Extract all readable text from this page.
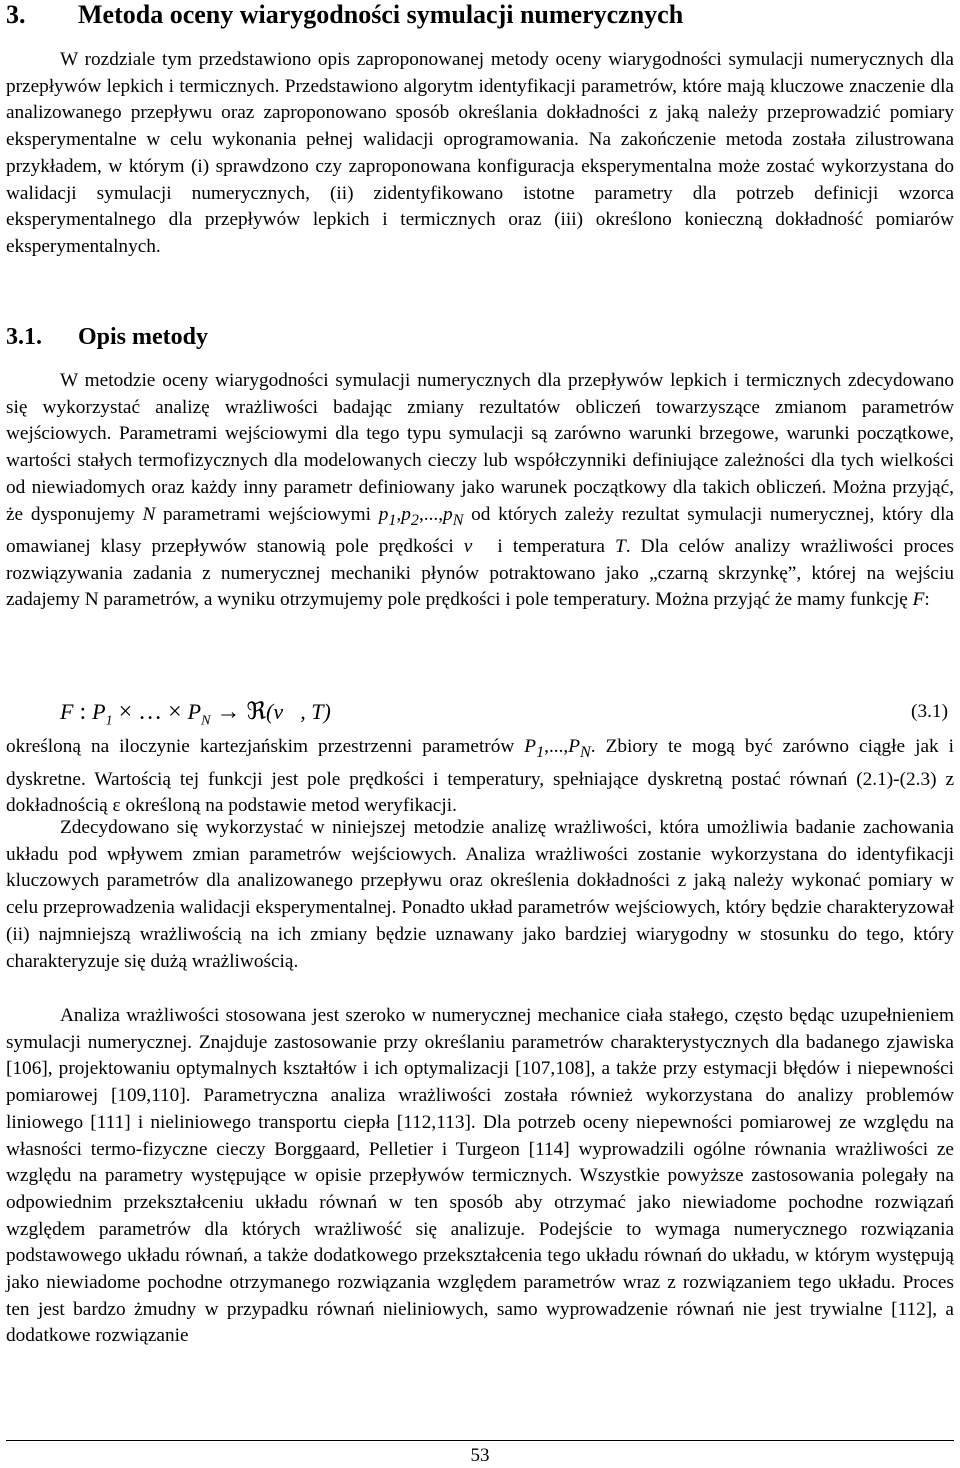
3. Metoda oceny wiarygodności symulacji numerycznych

W rozdziale tym przedstawiono opis zaproponowanej metody oceny wiarygodności symulacji numerycznych dla przepływów lepkich i termicznych. Przedstawiono algorytm identyfikacji parametrów, które mają kluczowe znaczenie dla analizowanego przepływu oraz zaproponowano sposób określania dokładności z jaką należy przeprowadzić pomiary eksperymentalne w celu wykonania pełnej walidacji oprogramowania. Na zakończenie metoda została zilustrowana przykładem, w którym (i) sprawdzono czy zaproponowana konfiguracja eksperymentalna może zostać wykorzystana do walidacji symulacji numerycznych, (ii) zidentyfikowano istotne parametry dla potrzeb definicji wzorca eksperymentalnego dla przepływów lepkich i termicznych oraz (iii) określono konieczną dokładność pomiarów eksperymentalnych.

3.1. Opis metody

W metodzie oceny wiarygodności symulacji numerycznych dla przepływów lepkich i termicznych zdecydowano się wykorzystać analizę wrażliwości badając zmiany rezultatów obliczeń towarzyszące zmianom parametrów wejściowych. Parametrami wejściowymi dla tego typu symulacji są zarówno warunki brzegowe, warunki początkowe, wartości stałych termofizycznych dla modelowanych cieczy lub współczynniki definiujące zależności dla tych wielkości od niewiadomych oraz każdy inny parametr definiowany jako warunek początkowy dla takich obliczeń. Można przyjąć, że dysponujemy N parametrami wejściowymi $p_1,p_2,...,p_N$ od których zależy rezultat symulacji numerycznej, który dla omawianej klasy przepływów stanowią pole prędkości v⃗ i temperatura T. Dla celów analizy wrażliwości proces rozwiązywania zadania z numerycznej mechaniki płynów potraktowano jako „czarną skrzynkę”, której na wejściu zadajemy N parametrów, a wyniku otrzymujemy pole prędkości i pole temperatury. Można przyjąć że mamy funkcję F:

F : $P_1$ × … × $P_N$ → ℜ(v⃗, T)	(3.1)

określoną na iloczynie kartezjańskim przestrzenni parametrów $P_1,...,P_N$. Zbiory te mogą być zarówno ciągłe jak i dyskretne. Wartością tej funkcji jest pole prędkości i temperatury, spełniające dyskretną postać równań (2.1)-(2.3) z dokładnością ε określoną na podstawie metod weryfikacji.

Zdecydowano się wykorzystać w niniejszej metodzie analizę wrażliwości, która umożliwia badanie zachowania układu pod wpływem zmian parametrów wejściowych. Analiza wrażliwości zostanie wykorzystana do identyfikacji kluczowych parametrów dla analizowanego przepływu oraz określenia dokładności z jaką należy wykonać pomiary w celu przeprowadzenia walidacji eksperymentalnej. Ponadto układ parametrów wejściowych, który będzie charakteryzował (ii) najmniejszą wrażliwością na ich zmiany będzie uznawany jako bardziej wiarygodny w stosunku do tego, który charakteryzuje się dużą wrażliwością.

Analiza wrażliwości stosowana jest szeroko w numerycznej mechanice ciała stałego, często będąc uzupełnieniem symulacji numerycznej. Znajduje zastosowanie przy określaniu parametrów charakterystycznych dla badanego zjawiska [106], projektowaniu optymalnych kształtów i ich optymalizacji [107,108], a także przy estymacji błędów i niepewności pomiarowej [109,110]. Parametryczna analiza wrażliwości została również wykorzystana do analizy problemów liniowego [111] i nieliniowego transportu ciepła [112,113]. Dla potrzeb oceny niepewności pomiarowej ze względu na własności termo-fizyczne cieczy Borggaard, Pelletier i Turgeon [114] wyprowadzili ogólne równania wrażliwości ze względu na parametry występujące w opisie przepływów termicznych. Wszystkie powyższe zastosowania polegały na odpowiednim przekształceniu układu równań w ten sposób aby otrzymać jako niewiadome pochodne rozwiązań względem parametrów dla których wrażliwość się analizuje. Podejście to wymaga numerycznego rozwiązania podstawowego układu równań, a także dodatkowego przekształcenia tego układu równań do układu, w którym występują jako niewiadome pochodne otrzymanego rozwiązania względem parametrów wraz z rozwiązaniem tego układu. Proces ten jest bardzo żmudny w przypadku równań nieliniowych, samo wyprowadzenie równań nie jest trywialne [112], a dodatkowe rozwiązanie

53
